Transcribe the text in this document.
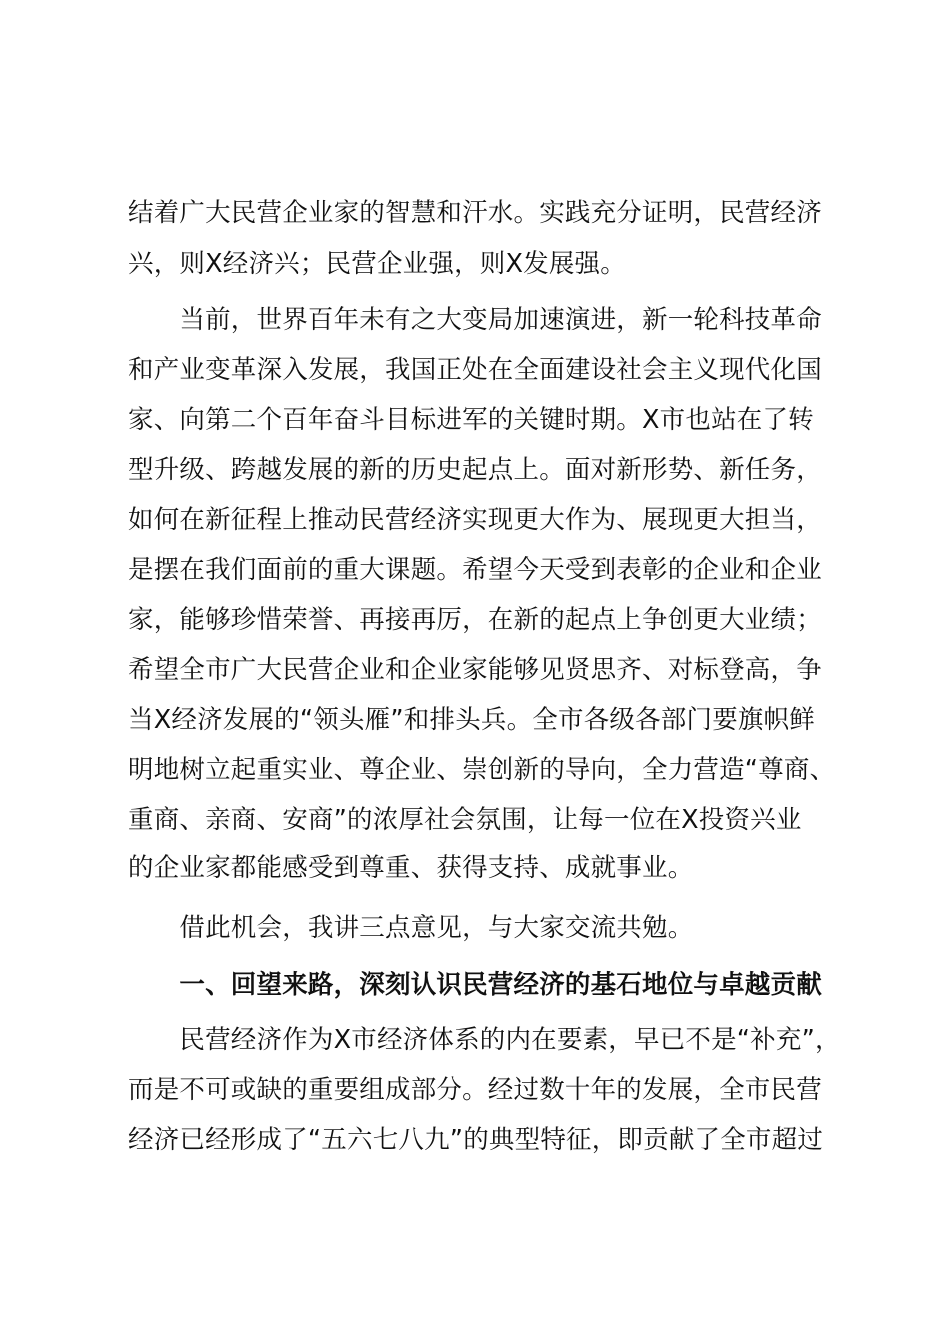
结着广大民营企业家的智慧和汗水。实践充分证明，民营经济
兴，则X经济兴；民营企业强，则X发展强。
　　当前，世界百年未有之大变局加速演进，新一轮科技革命
和产业变革深入发展，我国正处在全面建设社会主义现代化国
家、向第二个百年奋斗目标进军的关键时期。X市也站在了转
型升级、跨越发展的新的历史起点上。面对新形势、新任务，
如何在新征程上推动民营经济实现更大作为、展现更大担当，
是摆在我们面前的重大课题。希望今天受到表彰的企业和企业
家，能够珍惜荣誉、再接再厉，在新的起点上争创更大业绩；
希望全市广大民营企业和企业家能够见贤思齐、对标登高，争
当X经济发展的“领头雁”和排头兵。全市各级各部门要旗帜鲜
明地树立起重实业、尊企业、崇创新的导向，全力营造“尊商、
重商、亲商、安商”的浓厚社会氛围，让每一位在X投资兴业
的企业家都能感受到尊重、获得支持、成就事业。
　　借此机会，我讲三点意见，与大家交流共勉。
　　一、回望来路，深刻认识民营经济的基石地位与卓越贡献
　　民营经济作为X市经济体系的内在要素，早已不是“补充”，
而是不可或缺的重要组成部分。经过数十年的发展，全市民营
经济已经形成了“五六七八九”的典型特征，即贡献了全市超过
